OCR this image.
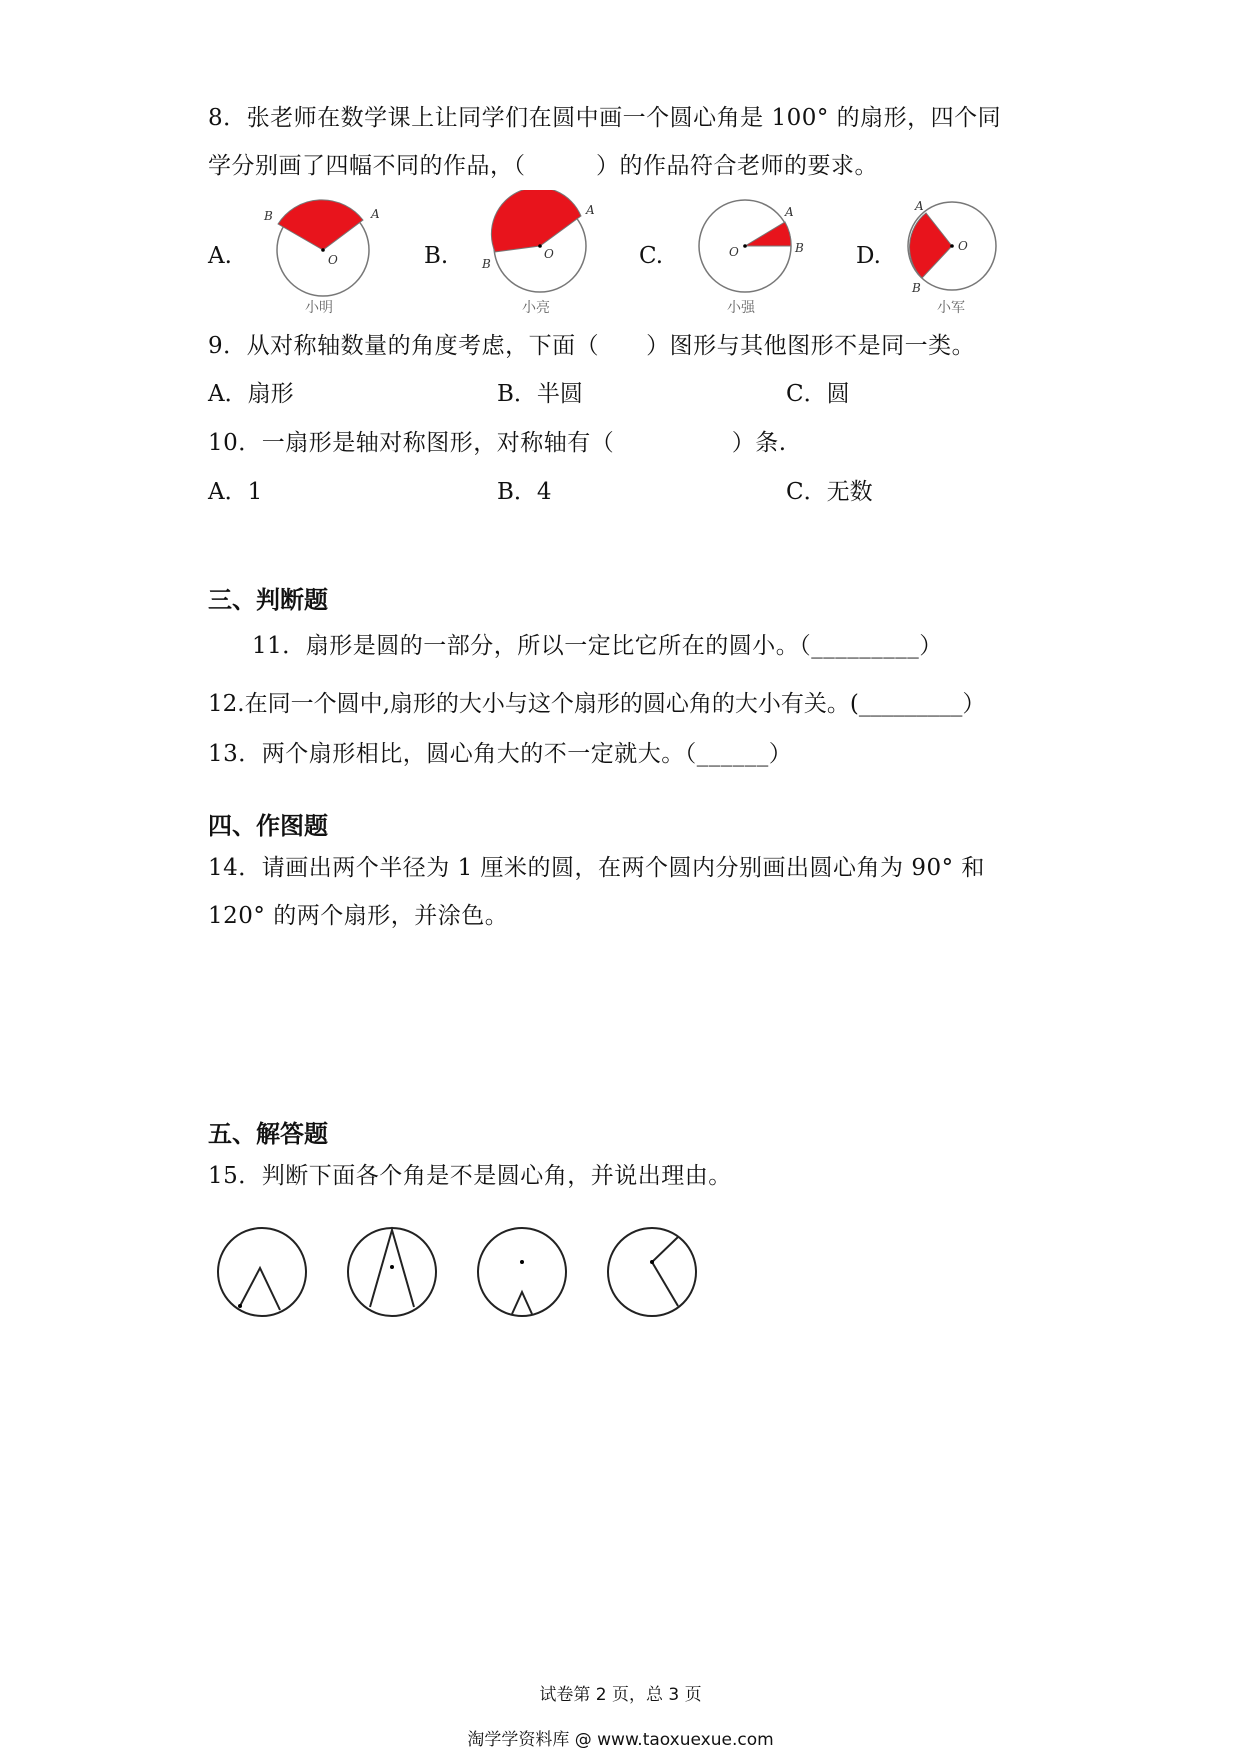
8．张老师在数学课上让同学们在圆中画一个圆心角是 100° 的扇形，四个同
学分别画了四幅不同的作品，（　　　）的作品符合老师的要求。
A.	B.	C.	D.
B	A
O
小明
B
A
O
小亮
A
B
O
小强
A
B
O
小军
9．从对称轴数量的角度考虑，下面（　　）图形与其他图形不是同一类。
A．扇形	B．半圆	C．圆
10．一扇形是轴对称图形，对称轴有（　　　　　）条.
A．1	B．4	C．无数
三、判断题
11．扇形是圆的一部分，所以一定比它所在的圆小。（_________）
12.在同一个圆中,扇形的大小与这个扇形的圆心角的大小有关。(_________）
13．两个扇形相比，圆心角大的不一定就大。（______）
四、作图题
14．请画出两个半径为 1 厘米的圆，在两个圆内分别画出圆心角为 90° 和
120° 的两个扇形，并涂色。
五、解答题
15．判断下面各个角是不是圆心角，并说出理由。
试卷第 2 页，总 3 页
淘学学资料库 @ www.taoxuexue.com
